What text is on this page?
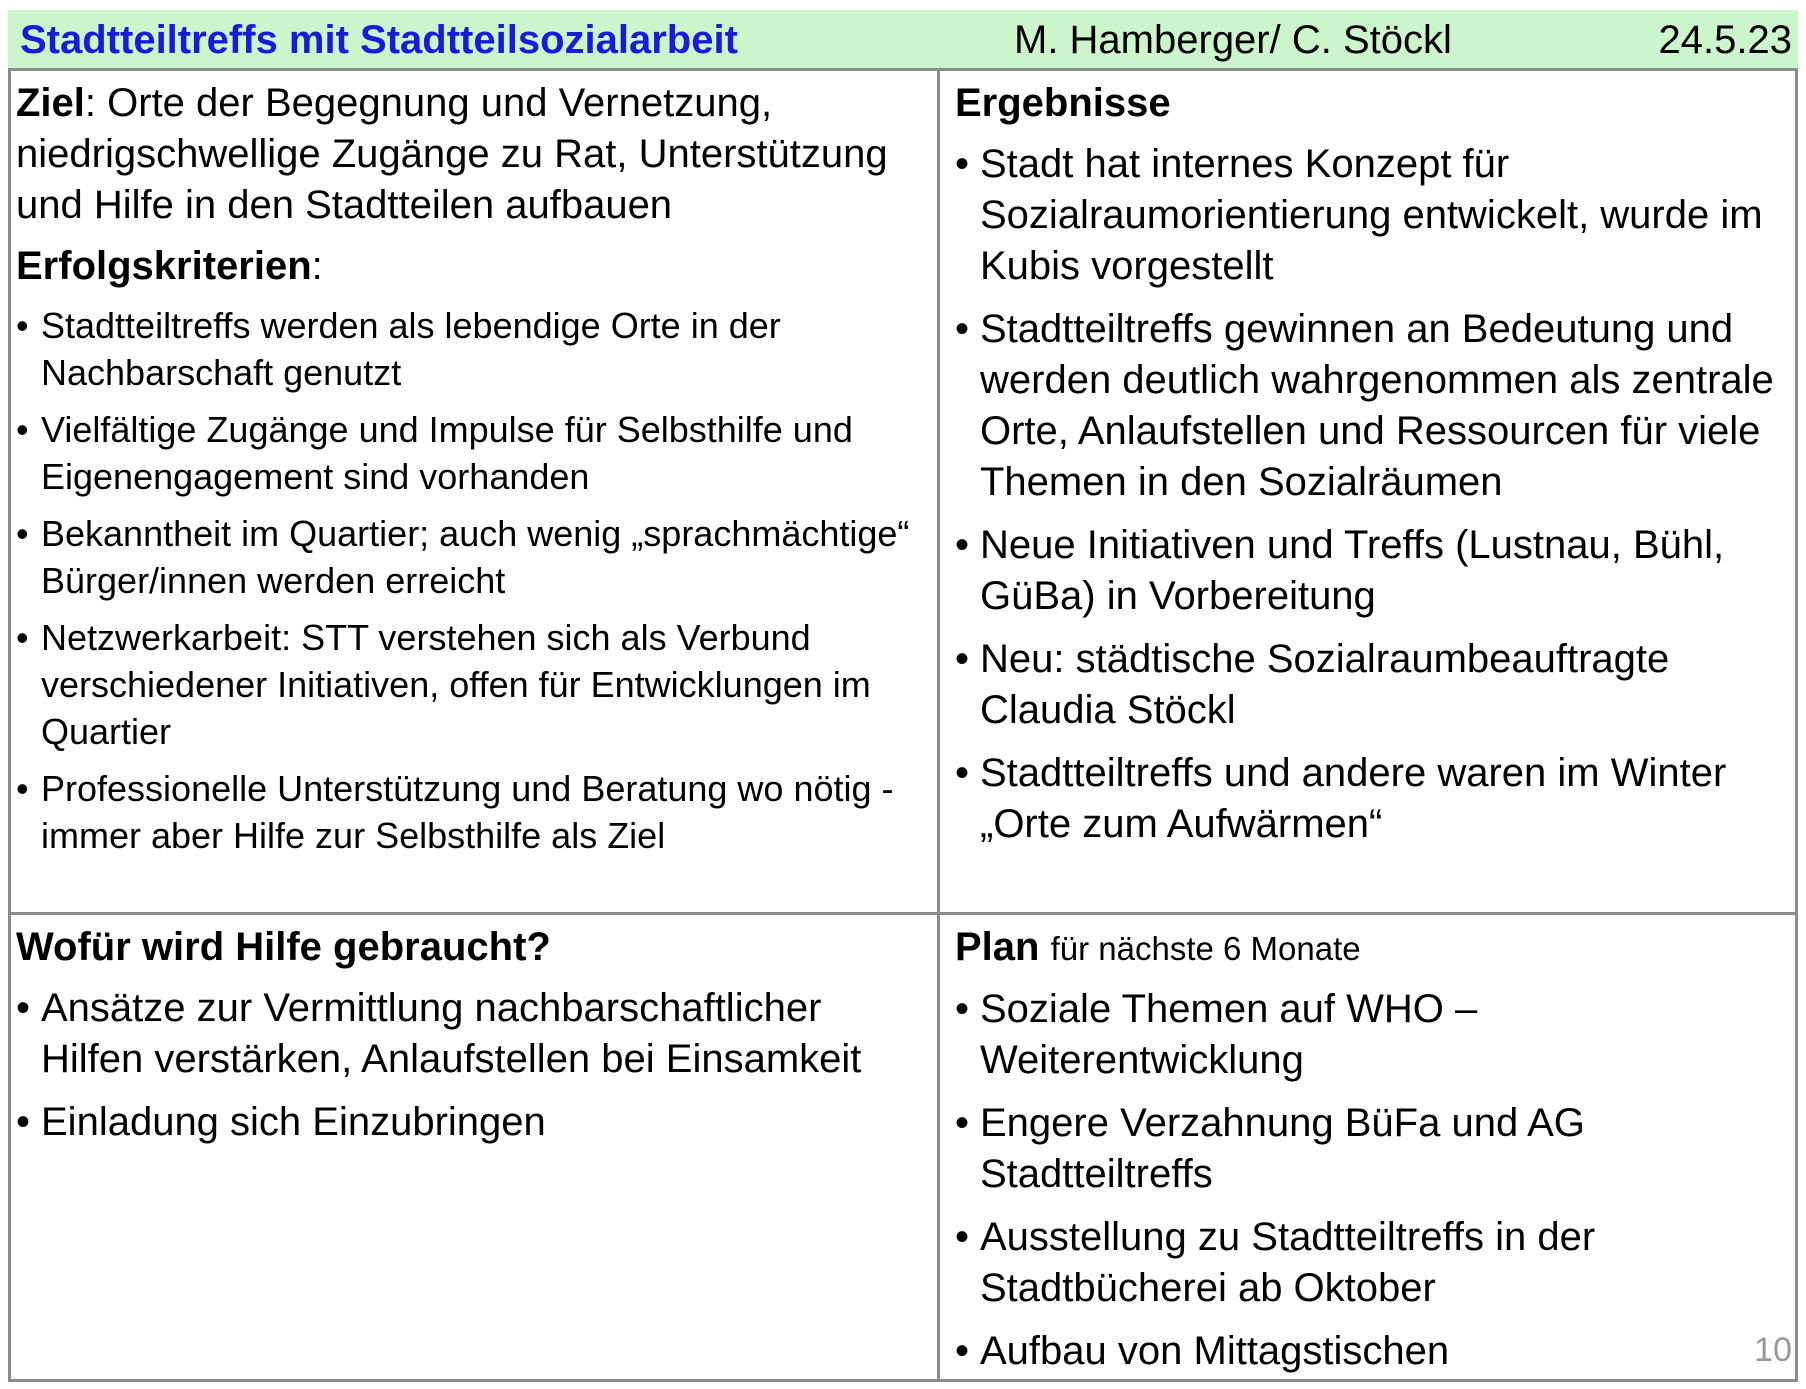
Stadtteiltreffs mit Stadtteilsozialarbeit	M. Hamberger/ C. Stöckl	24.5.23

Ziel: Orte der Begegnung und Vernetzung, niedrigschwellige Zugänge zu Rat, Unterstützung und Hilfe in den Stadtteilen aufbauen

Erfolgskriterien:

• Stadtteiltreffs werden als lebendige Orte in der Nachbarschaft genutzt
• Vielfältige Zugänge und Impulse für Selbsthilfe und Eigenengagement sind vorhanden
• Bekanntheit im Quartier; auch wenig „sprachmächtige“ Bürger/innen werden erreicht
• Netzwerkarbeit: STT verstehen sich als Verbund verschiedener Initiativen, offen für Entwicklungen im Quartier
• Professionelle Unterstützung und Beratung wo nötig - immer aber Hilfe zur Selbsthilfe als Ziel

Ergebnisse

• Stadt hat internes Konzept für Sozialraumorientierung entwickelt, wurde im Kubis vorgestellt
• Stadtteiltreffs gewinnen an Bedeutung und werden deutlich wahrgenommen als zentrale Orte, Anlaufstellen und Ressourcen für viele Themen in den Sozialräumen
• Neue Initiativen und Treffs (Lustnau, Bühl, GüBa) in Vorbereitung
• Neu: städtische Sozialraumbeauftragte Claudia Stöckl
• Stadtteiltreffs und andere waren im Winter „Orte zum Aufwärmen“

Wofür wird Hilfe gebraucht?

• Ansätze zur Vermittlung nachbarschaftlicher Hilfen verstärken, Anlaufstellen bei Einsamkeit
• Einladung sich Einzubringen

Plan für nächste 6 Monate

• Soziale Themen auf WHO – Weiterentwicklung
• Engere Verzahnung BüFa und AG Stadtteiltreffs
• Ausstellung zu Stadtteiltreffs in der Stadtbücherei ab Oktober
• Aufbau von Mittagstischen	10
